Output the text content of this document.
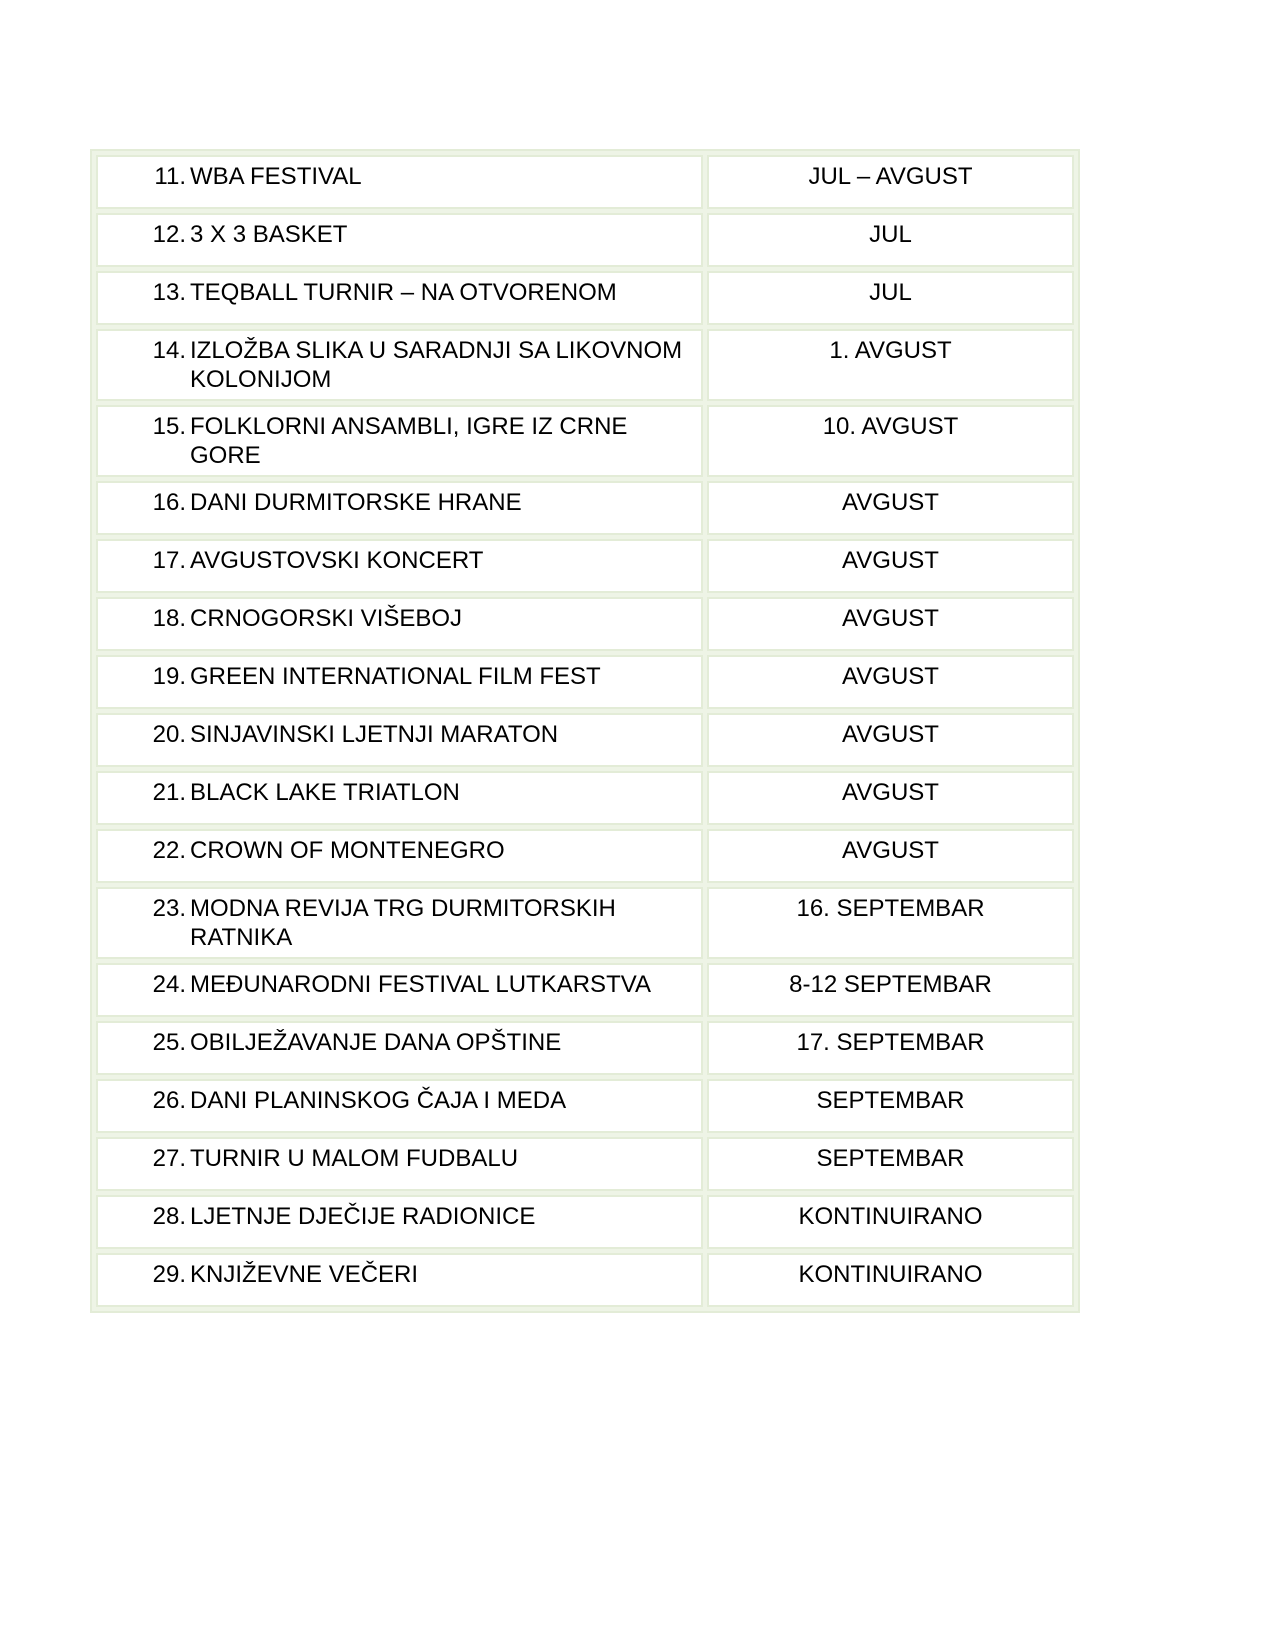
11. WBA FESTIVAL	JUL – AVGUST

12. 3 X 3 BASKET	JUL

13. TEQBALL TURNIR – NA OTVORENOM	JUL

14. IZLOŽBA SLIKA U SARADNJI SA LIKOVNOM KOLONIJOM	1. AVGUST

15. FOLKLORNI ANSAMBLI, IGRE IZ CRNE GORE	10. AVGUST

16. DANI DURMITORSKE HRANE	AVGUST

17. AVGUSTOVSKI KONCERT	AVGUST

18. CRNOGORSKI VIŠEBOJ	AVGUST

19. GREEN INTERNATIONAL FILM FEST	AVGUST

20. SINJAVINSKI LJETNJI MARATON	AVGUST

21. BLACK LAKE TRIATLON	AVGUST

22. CROWN OF MONTENEGRO	AVGUST

23. MODNA REVIJA TRG DURMITORSKIH RATNIKA	16. SEPTEMBAR

24. MEĐUNARODNI FESTIVAL LUTKARSTVA	8-12 SEPTEMBAR

25. OBILJEŽAVANJE DANA OPŠTINE	17. SEPTEMBAR

26. DANI PLANINSKOG ČAJA I MEDA	SEPTEMBAR

27. TURNIR U MALOM FUDBALU	SEPTEMBAR

28. LJETNJE DJEČIJE RADIONICE	KONTINUIRANO

29. KNJIŽEVNE VEČERI	KONTINUIRANO
